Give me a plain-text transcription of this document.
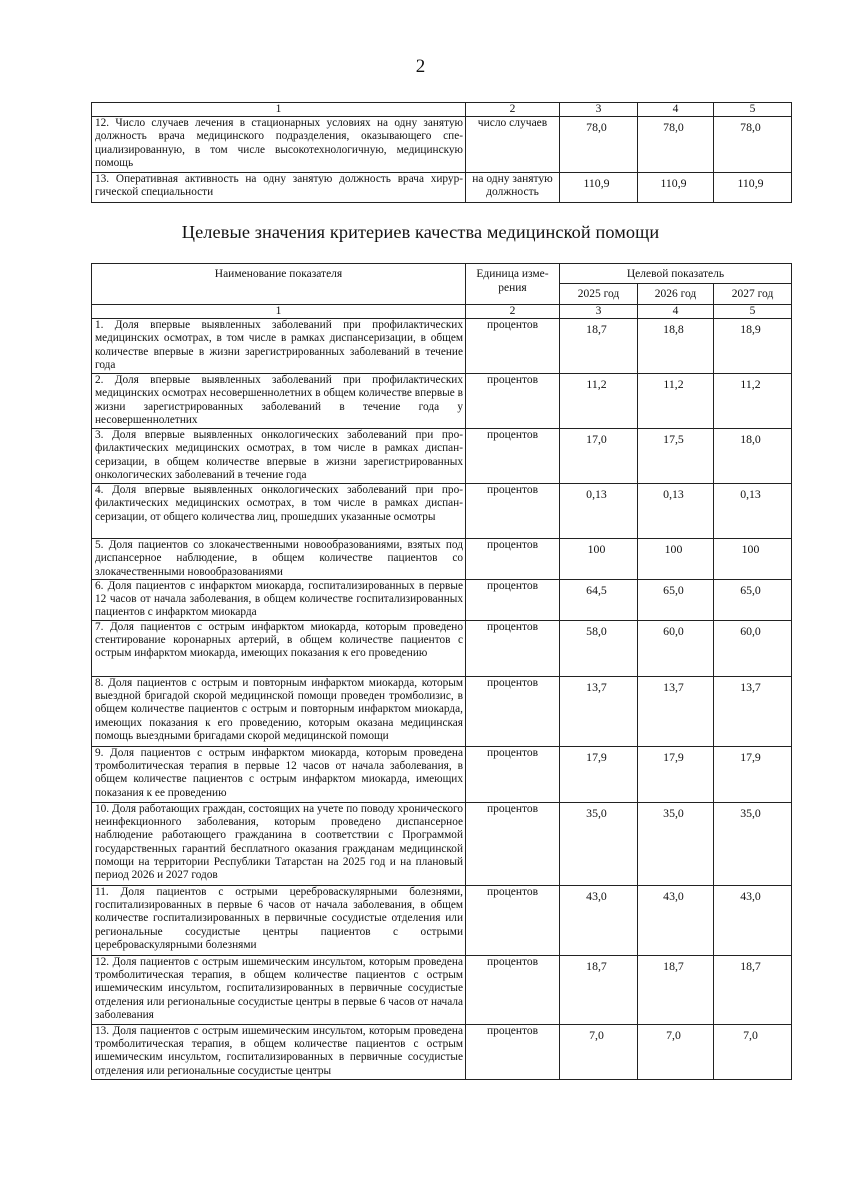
2
1	2	3	4	5
12. Число случаев лечения в стационарных условиях на одну занятую должность врача медицинского подразделения, оказывающего специализированную, в том числе высокотехнологичную, медицинскую помощь	число случаев	78,0	78,0	78,0
13. Оперативная активность на одну занятую должность врача хирургической специальности	на одну занятую должность	110,9	110,9	110,9
Целевые значения критериев качества медицинской помощи
Наименование показателя	Единица измерения	Целевой показатель		
		2025 год	2026 год	2027 год
1	2	3	4	5
1. Доля впервые выявленных заболеваний при профилактических медицинских осмотрах, в том числе в рамках диспансеризации, в общем количестве впервые в жизни зарегистрированных заболеваний в течение года	процентов	18,7	18,8	18,9
2. Доля впервые выявленных заболеваний при профилактических медицинских осмотрах несовершеннолетних в общем количестве впервые в жизни зарегистрированных заболеваний в течение года у несовершеннолетних	процентов	11,2	11,2	11,2
3. Доля впервые выявленных онкологических заболеваний при профилактических медицинских осмотрах, в том числе в рамках диспансеризации, в общем количестве впервые в жизни зарегистрированных онкологических заболеваний в течение года	процентов	17,0	17,5	18,0
4. Доля впервые выявленных онкологических заболеваний при профилактических медицинских осмотрах, в том числе в рамках диспансеризации, от общего количества лиц, прошедших указанные осмотры	процентов	0,13	0,13	0,13
5. Доля пациентов со злокачественными новообразованиями, взятых под диспансерное наблюдение, в общем количестве пациентов со злокачественными новообразованиями	процентов	100	100	100
6. Доля пациентов с инфарктом миокарда, госпитализированных в первые 12 часов от начала заболевания, в общем количестве госпитализированных пациентов с инфарктом миокарда	процентов	64,5	65,0	65,0
7. Доля пациентов с острым инфарктом миокарда, которым проведено стентирование коронарных артерий, в общем количестве пациентов с острым инфарктом миокарда, имеющих показания к его проведению	процентов	58,0	60,0	60,0
8. Доля пациентов с острым и повторным инфарктом миокарда, которым выездной бригадой скорой медицинской помощи проведен тромболизис, в общем количестве пациентов с острым и повторным инфарктом миокарда, имеющих показания к его проведению, которым оказана медицинская помощь выездными бригадами скорой медицинской помощи	процентов	13,7	13,7	13,7
9. Доля пациентов с острым инфарктом миокарда, которым проведена тромболитическая терапия в первые 12 часов от начала заболевания, в общем количестве пациентов с острым инфарктом миокарда, имеющих показания к ее проведению	процентов	17,9	17,9	17,9
10. Доля работающих граждан, состоящих на учете по поводу хронического неинфекционного заболевания, которым проведено диспансерное наблюдение работающего гражданина в соответствии с Программой государственных гарантий бесплатного оказания гражданам медицинской помощи на территории Республики Татарстан на 2025 год и на плановый период 2026 и 2027 годов	процентов	35,0	35,0	35,0
11. Доля пациентов с острыми цереброваскулярными болезнями, госпитализированных в первые 6 часов от начала заболевания, в общем количестве госпитализированных в первичные сосудистые отделения или региональные сосудистые центры пациентов с острыми цереброваскулярными болезнями	процентов	43,0	43,0	43,0
12. Доля пациентов с острым ишемическим инсультом, которым проведена тромболитическая терапия, в общем количестве пациентов с острым ишемическим инсультом, госпитализированных в первичные сосудистые отделения или региональные сосудистые центры в первые 6 часов от начала заболевания	процентов	18,7	18,7	18,7
13. Доля пациентов с острым ишемическим инсультом, которым проведена тромболитическая терапия, в общем количестве пациентов с острым ишемическим инсультом, госпитализированных в первичные сосудистые отделения или региональные сосудистые центры	процентов	7,0	7,0	7,0
